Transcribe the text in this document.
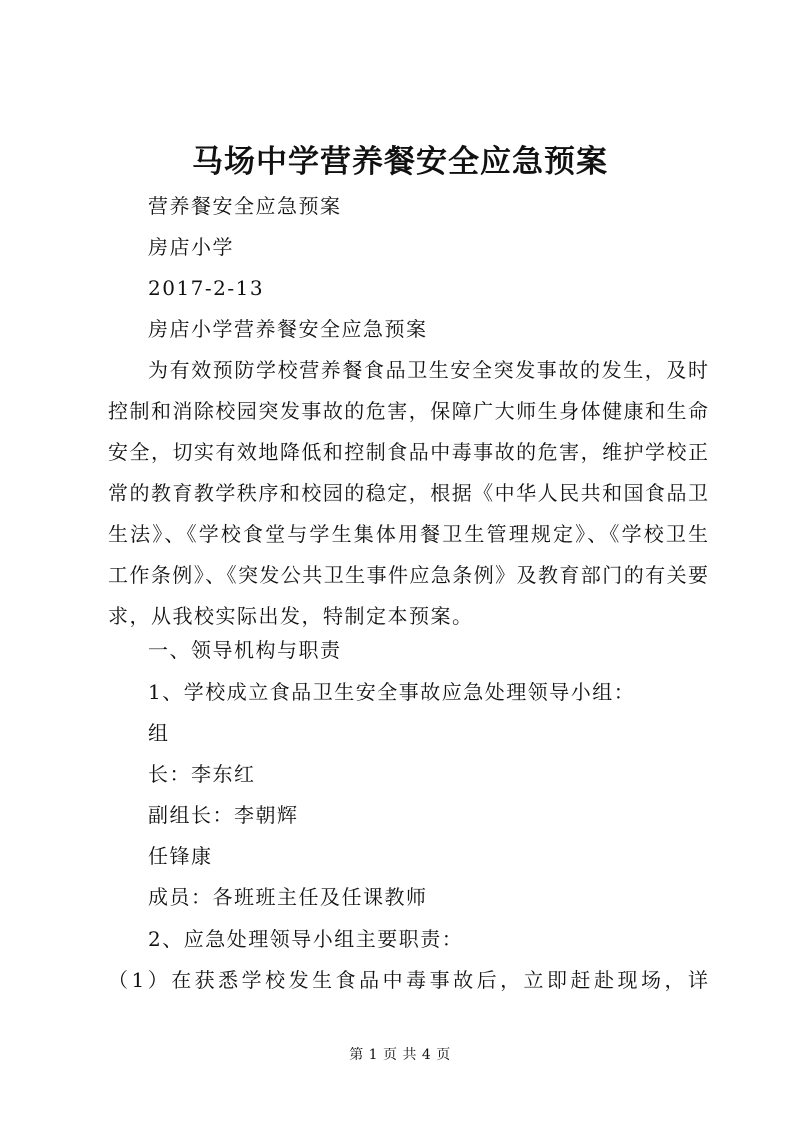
马场中学营养餐安全应急预案
营养餐安全应急预案
房店小学
2017-2-13
房店小学营养餐安全应急预案
为有效预防学校营养餐食品卫生安全突发事故的发生，及时
控制和消除校园突发事故的危害，保障广大师生身体健康和生命
安全，切实有效地降低和控制食品中毒事故的危害，维护学校正
常的教育教学秩序和校园的稳定，根据《中华人民共和国食品卫
生法》、《学校食堂与学生集体用餐卫生管理规定》、《学校卫生
工作条例》、《突发公共卫生事件应急条例》及教育部门的有关要
求，从我校实际出发，特制定本预案。
一、领导机构与职责
1、学校成立食品卫生安全事故应急处理领导小组：
组
长：李东红
副组长：李朝辉
任锋康
成员：各班班主任及任课教师
2、应急处理领导小组主要职责：
（1）在获悉学校发生食品中毒事故后，立即赶赴现场，详
第 1 页 共 4 页
